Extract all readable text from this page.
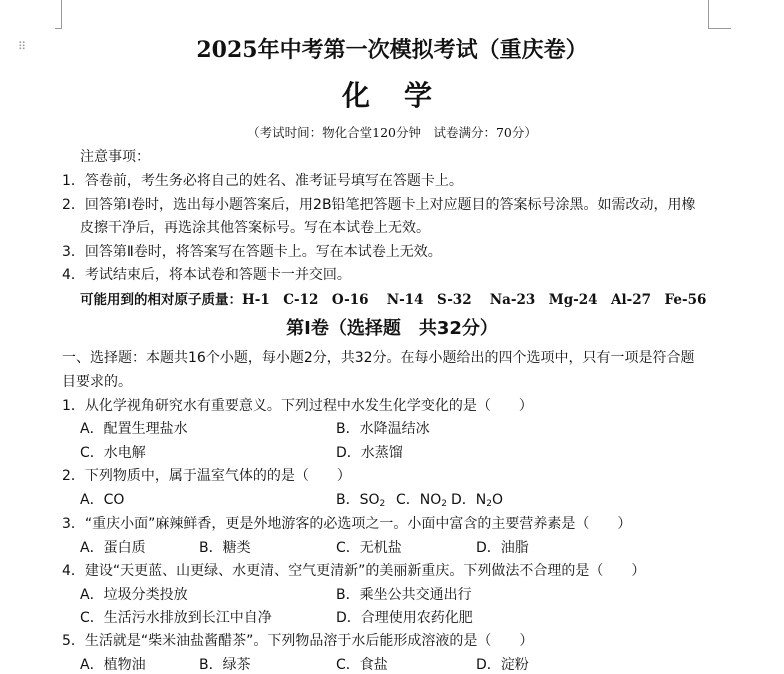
⠿	2025年中考第一次模拟考试（重庆卷）
化学
（考试时间：物化合堂120分钟　试卷满分：70分）
注意事项：
1．答卷前，考生务必将自己的姓名、准考证号填写在答题卡上。
2．回答第Ⅰ卷时，选出每小题答案后，用2B铅笔把答题卡上对应题目的答案标号涂黑。如需改动，用橡
皮擦干净后，再选涂其他答案标号。写在本试卷上无效。
3．回答第Ⅱ卷时，将答案写在答题卡上。写在本试卷上无效。
4．考试结束后，将本试卷和答题卡一并交回。
可能用到的相对原子质量：H-1　C-12　O-16　 N-14　S-32　 Na-23　Mg-24　Al-27　Fe-56
第Ⅰ卷（选择题　共32分）
一、选择题：本题共16个小题，每小题2分，共32分。在每小题给出的四个选项中，只有一项是符合题
目要求的。
1．从化学视角研究水有重要意义。下列过程中水发生化学变化的是（　　）
A．配置生理盐水	B．水降温结冰
C．水电解	D．水蒸馏
2．下列物质中，属于温室气体的的是（　　）
A．CO	B．$SO_2$ C．$NO_2$ D．$N_2O$
3．“重庆小面”麻辣鲜香，更是外地游客的必选项之一。小面中富含的主要营养素是（　　）
A．蛋白质	B．糖类	C．无机盐	D．油脂
4．建设“天更蓝、山更绿、水更清、空气更清新”的美丽新重庆。下列做法不合理的是（　　）
A．垃圾分类投放	B．乘坐公共交通出行
C．生活污水排放到长江中自净	D．合理使用农药化肥
5．生活就是“柴米油盐酱醋茶”。下列物品溶于水后能形成溶液的是（　　）
A．植物油	B．绿茶	C．食盐	D．淀粉
